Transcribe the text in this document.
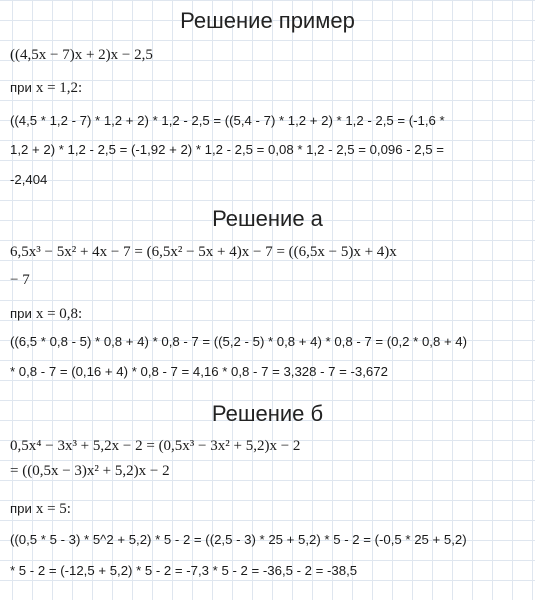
Решение пример
((4,5x − 7)x + 2)x − 2,5
при x = 1,2:
((4,5 * 1,2 - 7) * 1,2 + 2) * 1,2 - 2,5 = ((5,4 - 7) * 1,2 + 2) * 1,2 - 2,5 = (-1,6 *
1,2 + 2) * 1,2 - 2,5 = (-1,92 + 2) * 1,2 - 2,5 = 0,08 * 1,2 - 2,5 = 0,096 - 2,5 =
-2,404
Решение а
6,5x³ − 5x² + 4x − 7 = (6,5x² − 5x + 4)x − 7 = ((6,5x − 5)x + 4)x
− 7
при x = 0,8:
((6,5 * 0,8 - 5) * 0,8 + 4) * 0,8 - 7 = ((5,2 - 5) * 0,8 + 4) * 0,8 - 7 = (0,2 * 0,8 + 4)
* 0,8 - 7 = (0,16 + 4) * 0,8 - 7 = 4,16 * 0,8 - 7 = 3,328 - 7 = -3,672
Решение б
0,5x⁴ − 3x³ + 5,2x − 2 = (0,5x³ − 3x² + 5,2)x − 2
= ((0,5x − 3)x² + 5,2)x − 2
при x = 5:
((0,5 * 5 - 3) * 5^2 + 5,2) * 5 - 2 = ((2,5 - 3) * 25 + 5,2) * 5 - 2 = (-0,5 * 25 + 5,2)
* 5 - 2 = (-12,5 + 5,2) * 5 - 2 = -7,3 * 5 - 2 = -36,5 - 2 = -38,5
